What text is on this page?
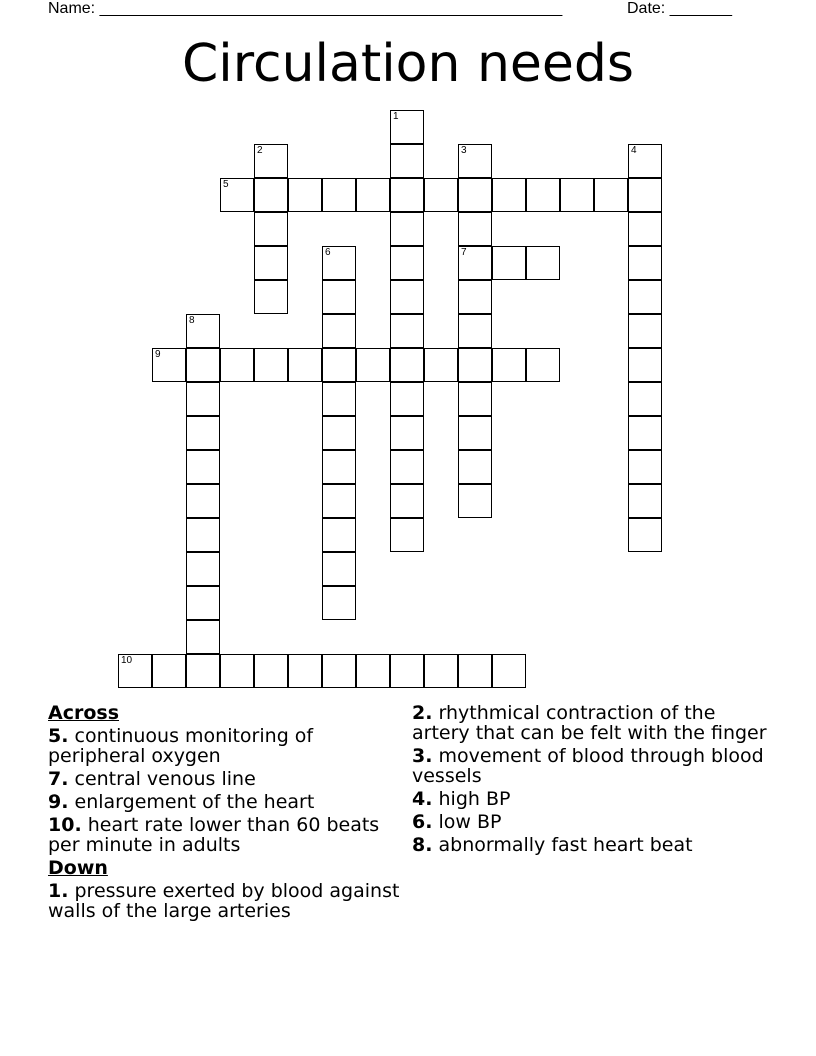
Name: ____________________________________________________	Date: _______
Circulation needs
1
2	3	4
5
6	7
8
9
10
Across
5. continuous monitoring of peripheral oxygen
7. central venous line
9. enlargement of the heart
10. heart rate lower than 60 beats per minute in adults
Down
1. pressure exerted by blood against walls of the large arteries
2. rhythmical contraction of the artery that can be felt with the finger
3. movement of blood through blood vessels
4. high BP
6. low BP
8. abnormally fast heart beat
